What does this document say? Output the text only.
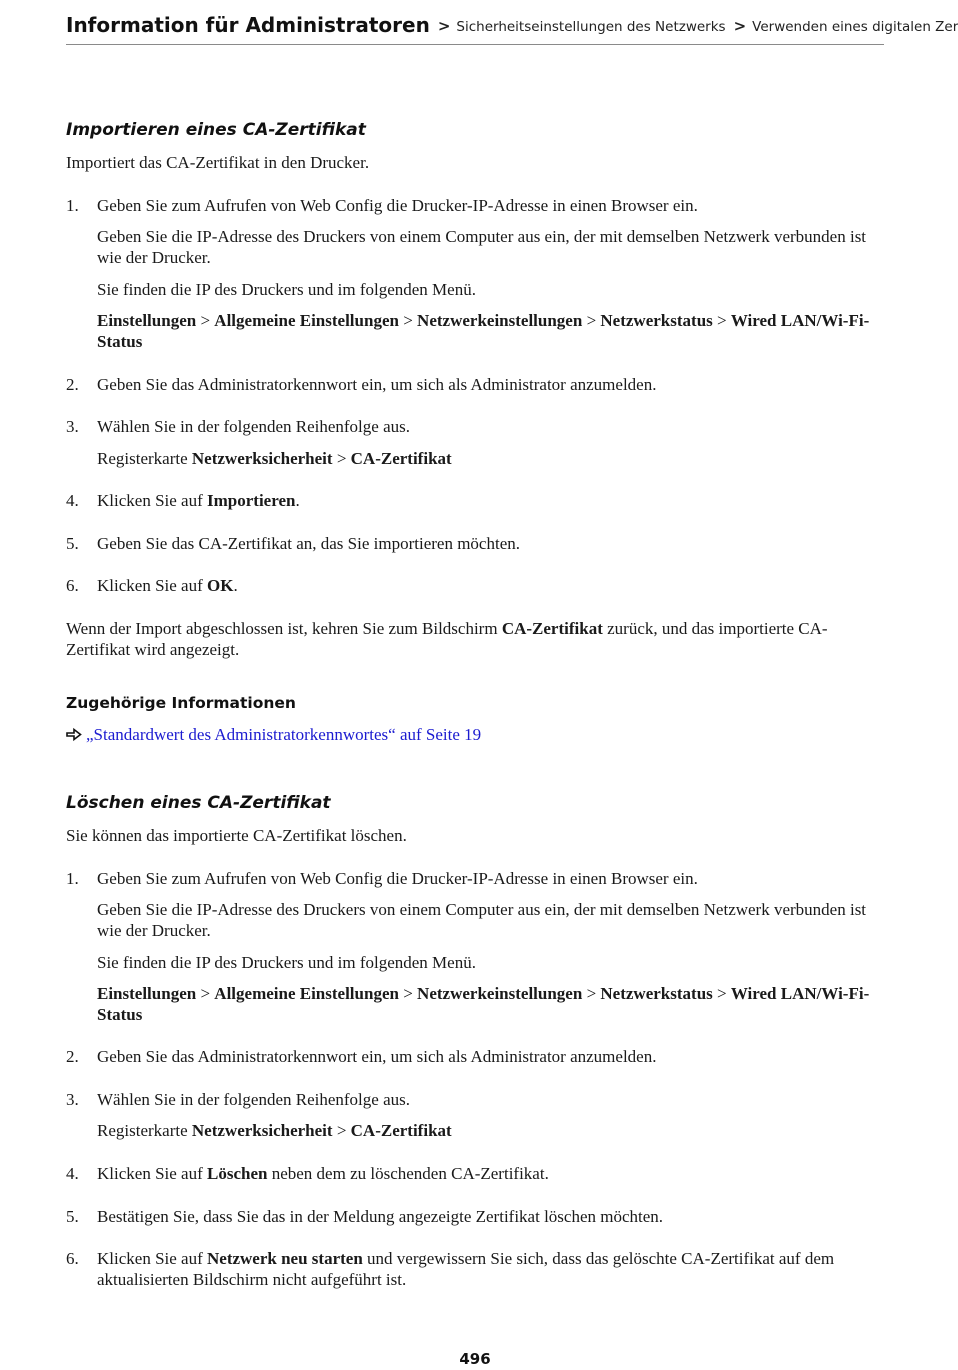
Information für Administratoren > Sicherheitseinstellungen des Netzwerks > Verwenden eines digitalen Zer
Importieren eines CA-Zertifikat

Importiert das CA-Zertifikat in den Drucker.

1. Geben Sie zum Aufrufen von Web Config die Drucker-IP-Adresse in einen Browser ein.

Geben Sie die IP-Adresse des Druckers von einem Computer aus ein, der mit demselben Netzwerk verbunden ist wie der Drucker.

Sie finden die IP des Druckers und im folgenden Menü.

Einstellungen > Allgemeine Einstellungen > Netzwerkeinstellungen > Netzwerkstatus > Wired LAN/Wi-Fi-Status

2. Geben Sie das Administratorkennwort ein, um sich als Administrator anzumelden.

3. Wählen Sie in der folgenden Reihenfolge aus.

Registerkarte Netzwerksicherheit > CA-Zertifikat

4. Klicken Sie auf Importieren.

5. Geben Sie das CA-Zertifikat an, das Sie importieren möchten.

6. Klicken Sie auf OK.

Wenn der Import abgeschlossen ist, kehren Sie zum Bildschirm CA-Zertifikat zurück, und das importierte CA-Zertifikat wird angezeigt.

Zugehörige Informationen
„Standardwert des Administratorkennwortes“ auf Seite 19
Löschen eines CA-Zertifikat

Sie können das importierte CA-Zertifikat löschen.

1. Geben Sie zum Aufrufen von Web Config die Drucker-IP-Adresse in einen Browser ein.

Geben Sie die IP-Adresse des Druckers von einem Computer aus ein, der mit demselben Netzwerk verbunden ist wie der Drucker.

Sie finden die IP des Druckers und im folgenden Menü.

Einstellungen > Allgemeine Einstellungen > Netzwerkeinstellungen > Netzwerkstatus > Wired LAN/Wi-Fi-Status

2. Geben Sie das Administratorkennwort ein, um sich als Administrator anzumelden.

3. Wählen Sie in der folgenden Reihenfolge aus.

Registerkarte Netzwerksicherheit > CA-Zertifikat

4. Klicken Sie auf Löschen neben dem zu löschenden CA-Zertifikat.

5. Bestätigen Sie, dass Sie das in der Meldung angezeigte Zertifikat löschen möchten.

6. Klicken Sie auf Netzwerk neu starten und vergewissern Sie sich, dass das gelöschte CA-Zertifikat auf dem aktualisierten Bildschirm nicht aufgeführt ist.

496
